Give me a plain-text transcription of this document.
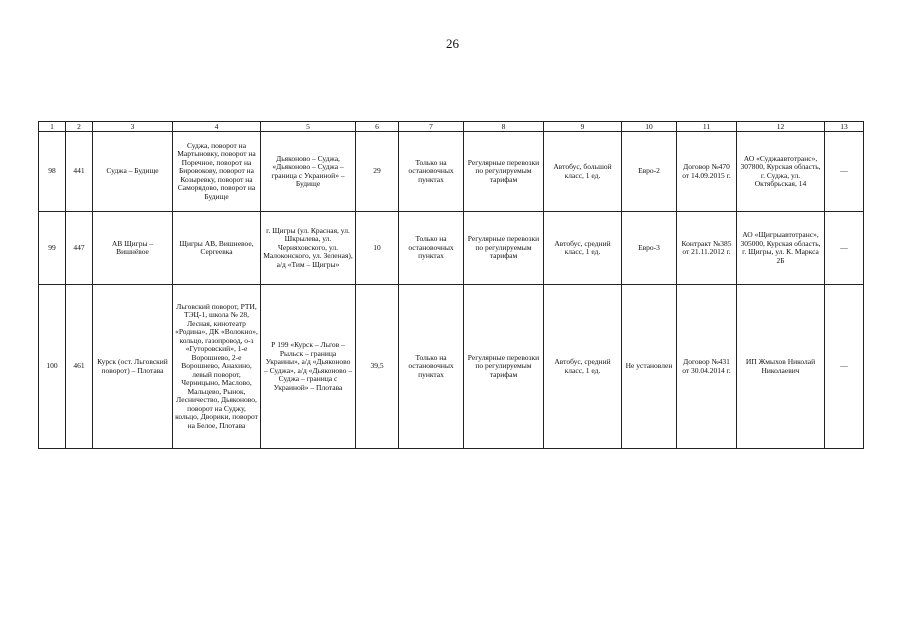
26
1	2	3	4	5	6	7	8	9	10	11	12	13
98	441	Суджа – Будище	Суджа, поворот на Мартыновку, поворот на Поречное, поворот на Бировокову, поворот на Козыревку, поворот на Саморядово, поворот на Будище	Дьяконово – Суджа, «Дьяконово – Суджа – граница с Украиной» – Будище	29	Только на остановочных пунктах	Регулярные перевозки по регулируемым тарифам	Автобус, большой класс, 1 ед.	Евро-2	Договор №470 от 14.09.2015 г.	АО «Суджаавтотранс», 307800, Курская область, г. Суджа, ул. Октябрьская, 14	—
99	447	АВ Щигры – Вишнёвое	Щигры АВ, Вишневое, Сергеевка	г. Щигры (ул. Красная, ул. Шкрылева, ул. Черняховского, ул. Малоконского, ул. Зеленая), а/д «Тим – Щигры»	10	Только на остановочных пунктах	Регулярные перевозки по регулируемым тарифам	Автобус, средний класс, 1 ед.	Евро-3	Контракт №385 от 21.11.2012 г.	АО «Щигрыавтотранс», 305000, Курская область, г. Щигры, ул. К. Маркса 2Б	—
100	461	Курск (ост. Льговский поворот) – Плотава	Льговский поворот, РТИ, ТЭЦ-1, школа № 28, Лесная, кинотеатр «Родина», ДК «Волокно», кольцо, газопровод, о-з «Гуторовский», 1-е Ворошнево, 2-е Ворошнево, Анахино, левый поворот, Черницыно, Маслово, Мальцево, Рынок, Лесничество, Дьяконово, поворот на Суджу, кольцо, Дворики, поворот на Белое, Плотава	Р 199 «Курск – Льгов – Рыльск – граница Украины», а/д «Дьяконово – Суджа», а/д «Дьяконово – Суджа – граница с Украиной» – Плотава	39,5	Только на остановочных пунктах	Регулярные перевозки по регулируемым тарифам	Автобус, средний класс, 1 ед.	Не установлен	Договор №431 от 30.04.2014 г.	ИП Жмыхов Николай Николаевич	—
